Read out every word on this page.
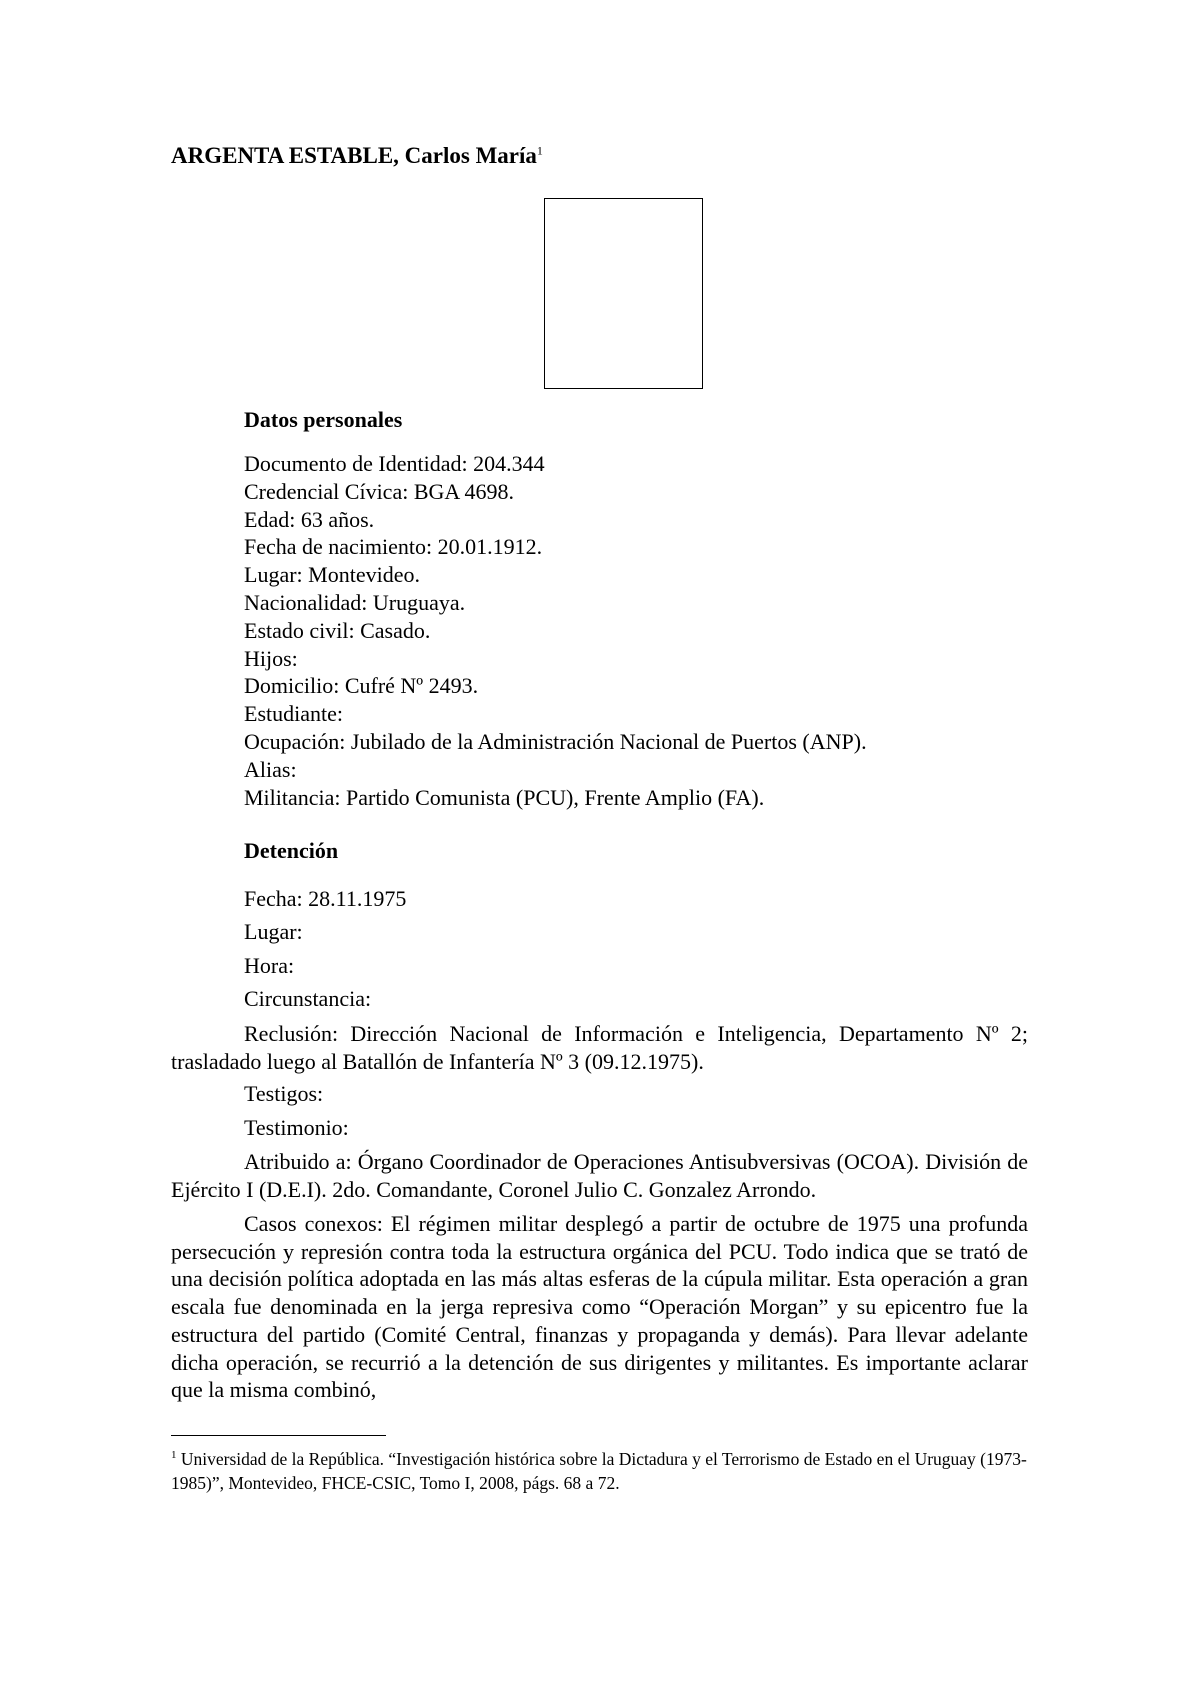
ARGENTA ESTABLE, Carlos María$^1$
Datos personales
Documento de Identidad: 204.344
Credencial Cívica: BGA 4698.
Edad: 63 años.
Fecha de nacimiento: 20.01.1912.
Lugar: Montevideo.
Nacionalidad: Uruguaya.
Estado civil: Casado.
Hijos:
Domicilio: Cufré Nº 2493.
Estudiante:
Ocupación: Jubilado de la Administración Nacional de Puertos (ANP).
Alias:
Militancia: Partido Comunista (PCU), Frente Amplio (FA).
Detención
Fecha: 28.11.1975
Lugar:
Hora:
Circunstancia:
Reclusión: Dirección Nacional de Información e Inteligencia, Departamento Nº 2; trasladado luego al Batallón de Infantería Nº 3 (09.12.1975).
Testigos:
Testimonio:
Atribuido a: Órgano Coordinador de Operaciones Antisubversivas (OCOA). División de Ejército I (D.E.I). 2do. Comandante, Coronel Julio C. Gonzalez Arrondo.
Casos conexos: El régimen militar desplegó a partir de octubre de 1975 una profunda persecución y represión contra toda la estructura orgánica del PCU. Todo indica que se trató de una decisión política adoptada en las más altas esferas de la cúpula militar. Esta operación a gran escala fue denominada en la jerga represiva como “Operación Morgan” y su epicentro fue la estructura del partido (Comité Central, finanzas y propaganda y demás). Para llevar adelante dicha operación, se recurrió a la detención de sus dirigentes y militantes. Es importante aclarar que la misma combinó,
$^1$ Universidad de la República. “Investigación histórica sobre la Dictadura y el Terrorismo de Estado en el Uruguay (1973-1985)”, Montevideo, FHCE-CSIC, Tomo I, 2008, págs. 68 a 72.
